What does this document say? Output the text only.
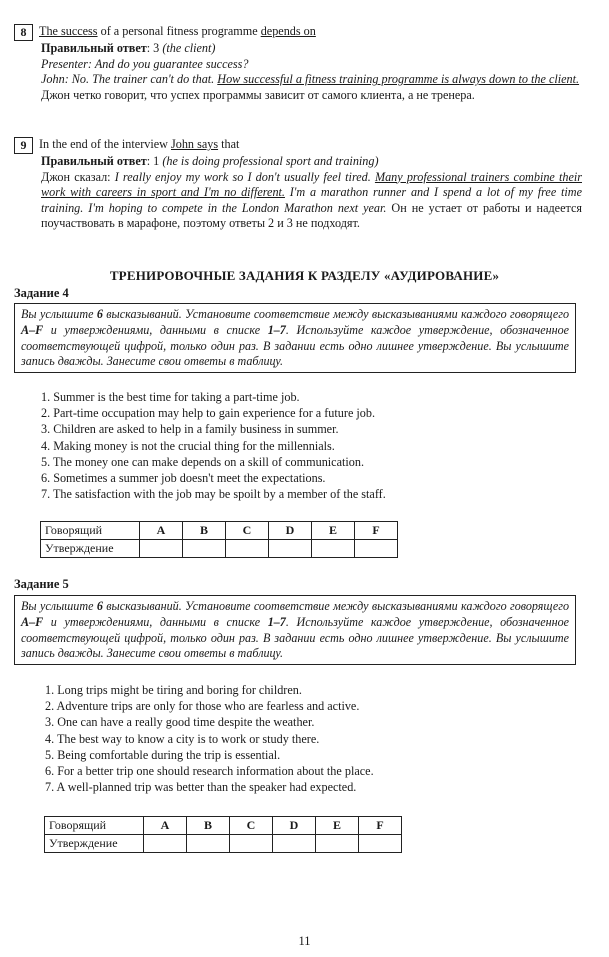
8	The success of a personal fitness programme depends on
Правильный ответ: 3 (the client)
Presenter: And do you guarantee success?
John: No. The trainer can't do that. How successful a fitness training programme is always down to the client.
Джон четко говорит, что успех программы зависит от самого клиента, а не тренера.
9	In the end of the interview John says that
Правильный ответ: 1 (he is doing professional sport and training)
Джон сказал: I really enjoy my work so I don't usually feel tired. Many professional trainers combine their work with careers in sport and I'm no different. I'm a marathon runner and I spend a lot of my free time training. I'm hoping to compete in the London Marathon next year. Он не устает от работы и надеется поучаствовать в марафоне, поэтому ответы 2 и 3 не подходят.
ТРЕНИРОВОЧНЫЕ ЗАДАНИЯ К РАЗДЕЛУ «АУДИРОВАНИЕ»
Задание 4
Вы услышите 6 высказываний. Установите соответствие между высказываниями каждого говорящего A–F и утверждениями, данными в списке 1–7. Используйте каждое утверждение, обозначенное соответствующей цифрой, только один раз. В задании есть одно лишнее утверждение. Вы услышите запись дважды. Занесите свои ответы в таблицу.
1. Summer is the best time for taking a part-time job.
2. Part-time occupation may help to gain experience for a future job.
3. Children are asked to help in a family business in summer.
4. Making money is not the crucial thing for the millennials.
5. The money one can make depends on a skill of communication.
6. Sometimes a summer job doesn't meet the expectations.
7. The satisfaction with the job may be spoilt by a member of the staff.
Говорящий	A	B	C	D	E	F
Утверждение						
Задание 5
Вы услышите 6 высказываний. Установите соответствие между высказываниями каждого говорящего A–F и утверждениями, данными в списке 1–7. Используйте каждое утверждение, обозначенное соответствующей цифрой, только один раз. В задании есть одно лишнее утверждение. Вы услышите запись дважды. Занесите свои ответы в таблицу.
1. Long trips might be tiring and boring for children.
2. Adventure trips are only for those who are fearless and active.
3. One can have a really good time despite the weather.
4. The best way to know a city is to work or study there.
5. Being comfortable during the trip is essential.
6. For a better trip one should research information about the place.
7. A well-planned trip was better than the speaker had expected.
Говорящий	A	B	C	D	E	F
Утверждение						
11
